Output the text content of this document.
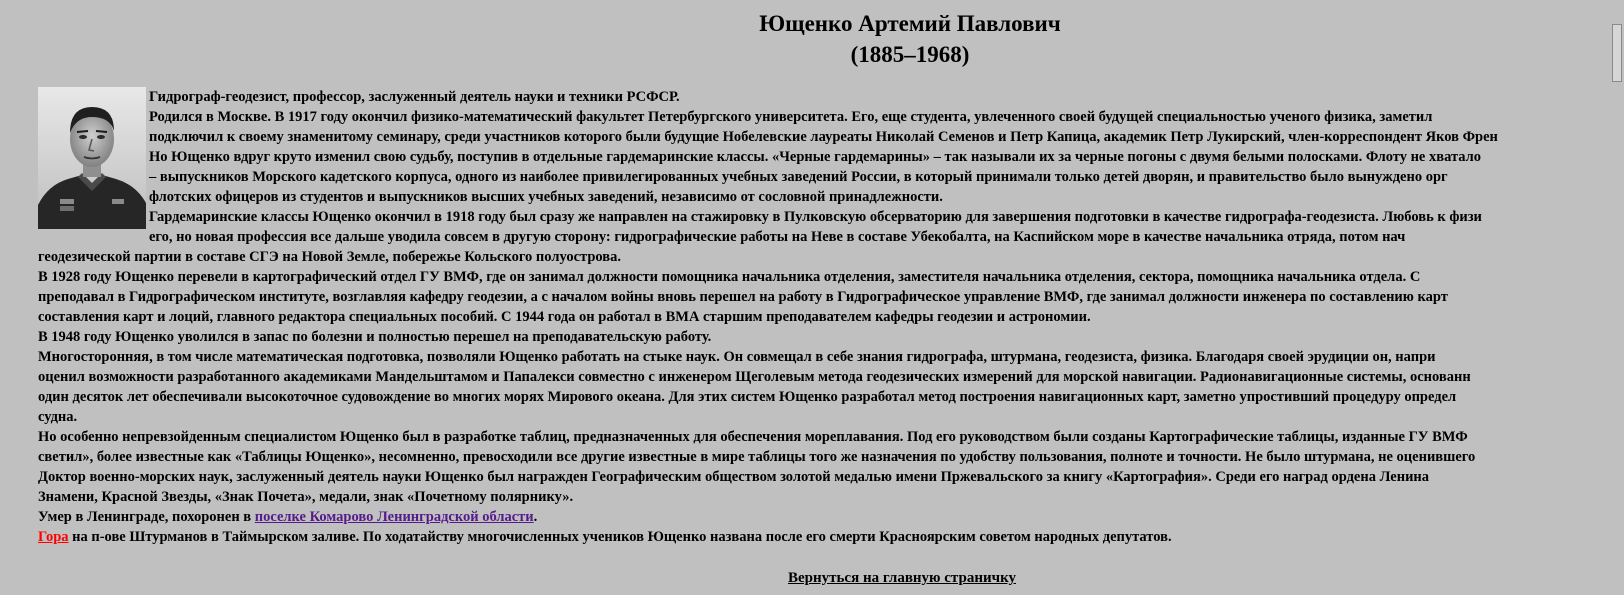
Ющенко Артемий Павлович
(1885–1968)
Гидрограф-геодезист, профессор, заслуженный деятель науки и техники РСФСР.
Родился в Москве. В 1917 году окончил физико-математический факультет Петербургского университета. Его, еще студента, увлеченного своей будущей специальностью ученого физика, заметил
подключил к своему знаменитому семинару, среди участников которого были будущие Нобелевские лауреаты Николай Семенов и Петр Капица, академик Петр Лукирский, член-корреспондент Яков Френ
Но Ющенко вдруг круто изменил свою судьбу, поступив в отдельные гардемаринские классы. «Черные гардемарины» – так называли их за черные погоны с двумя белыми полосками. Флоту не хватало
– выпускников Морского кадетского корпуса, одного из наиболее привилегированных учебных заведений России, в который принимали только детей дворян, и правительство было вынуждено орг
флотских офицеров из студентов и выпускников высших учебных заведений, независимо от сословной принадлежности.
Гардемаринские классы Ющенко окончил в 1918 году был сразу же направлен на стажировку в Пулковскую обсерваторию для завершения подготовки в качестве гидрографа-геодезиста. Любовь к физи
его, но новая профессия все дальше уводила совсем в другую сторону: гидрографические работы на Неве в составе Убекобалта, на Каспийском море в качестве начальника отряда, потом нач
геодезической партии в составе СГЭ на Новой Земле, побережье Кольского полуострова.
В 1928 году Ющенко перевели в картографический отдел ГУ ВМФ, где он занимал должности помощника начальника отделения, заместителя начальника отделения, сектора, помощника начальника отдела. С
преподавал в Гидрографическом институте, возглавляя кафедру геодезии, а с началом войны вновь перешел на работу в Гидрографическое управление ВМФ, где занимал должности инженера по составлению карт
составления карт и лоций, главного редактора специальных пособий. С 1944 года он работал в ВМА старшим преподавателем кафедры геодезии и астрономии.
В 1948 году Ющенко уволился в запас по болезни и полностью перешел на преподавательскую работу.
Многосторонняя, в том числе математическая подготовка, позволяли Ющенко работать на стыке наук. Он совмещал в себе знания гидрографа, штурмана, геодезиста, физика. Благодаря своей эрудиции он, напри
оценил возможности разработанного академиками Мандельштамом и Папалекси совместно с инженером Щеголевым метода геодезических измерений для морской навигации. Радионавигационные системы, основанн
один десяток лет обеспечивали высокоточное судовождение во многих морях Мирового океана. Для этих систем Ющенко разработал метод построения навигационных карт, заметно упростивший процедуру определ
судна.
Но особенно непревзойденным специалистом Ющенко был в разработке таблиц, предназначенных для обеспечения мореплавания. Под его руководством были созданы Картографические таблицы, изданные ГУ ВМФ
светил», более известные как «Таблицы Ющенко», несомненно, превосходили все другие известные в мире таблицы того же назначения по удобству пользования, полноте и точности. Не было штурмана, не оценившего
Доктор военно-морских наук, заслуженный деятель науки Ющенко был награжден Географическим обществом золотой медалью имени Пржевальского за книгу «Картография». Среди его наград ордена Ленина
Знамени, Красной Звезды, «Знак Почета», медали, знак «Почетному полярнику».
Умер в Ленинграде, похоронен в поселке Комарово Ленинградской области.
Гора на п-ове Штурманов в Таймырском заливе. По ходатайству многочисленных учеников Ющенко названа после его смерти Красноярским советом народных депутатов.
Вернуться на главную страничку
